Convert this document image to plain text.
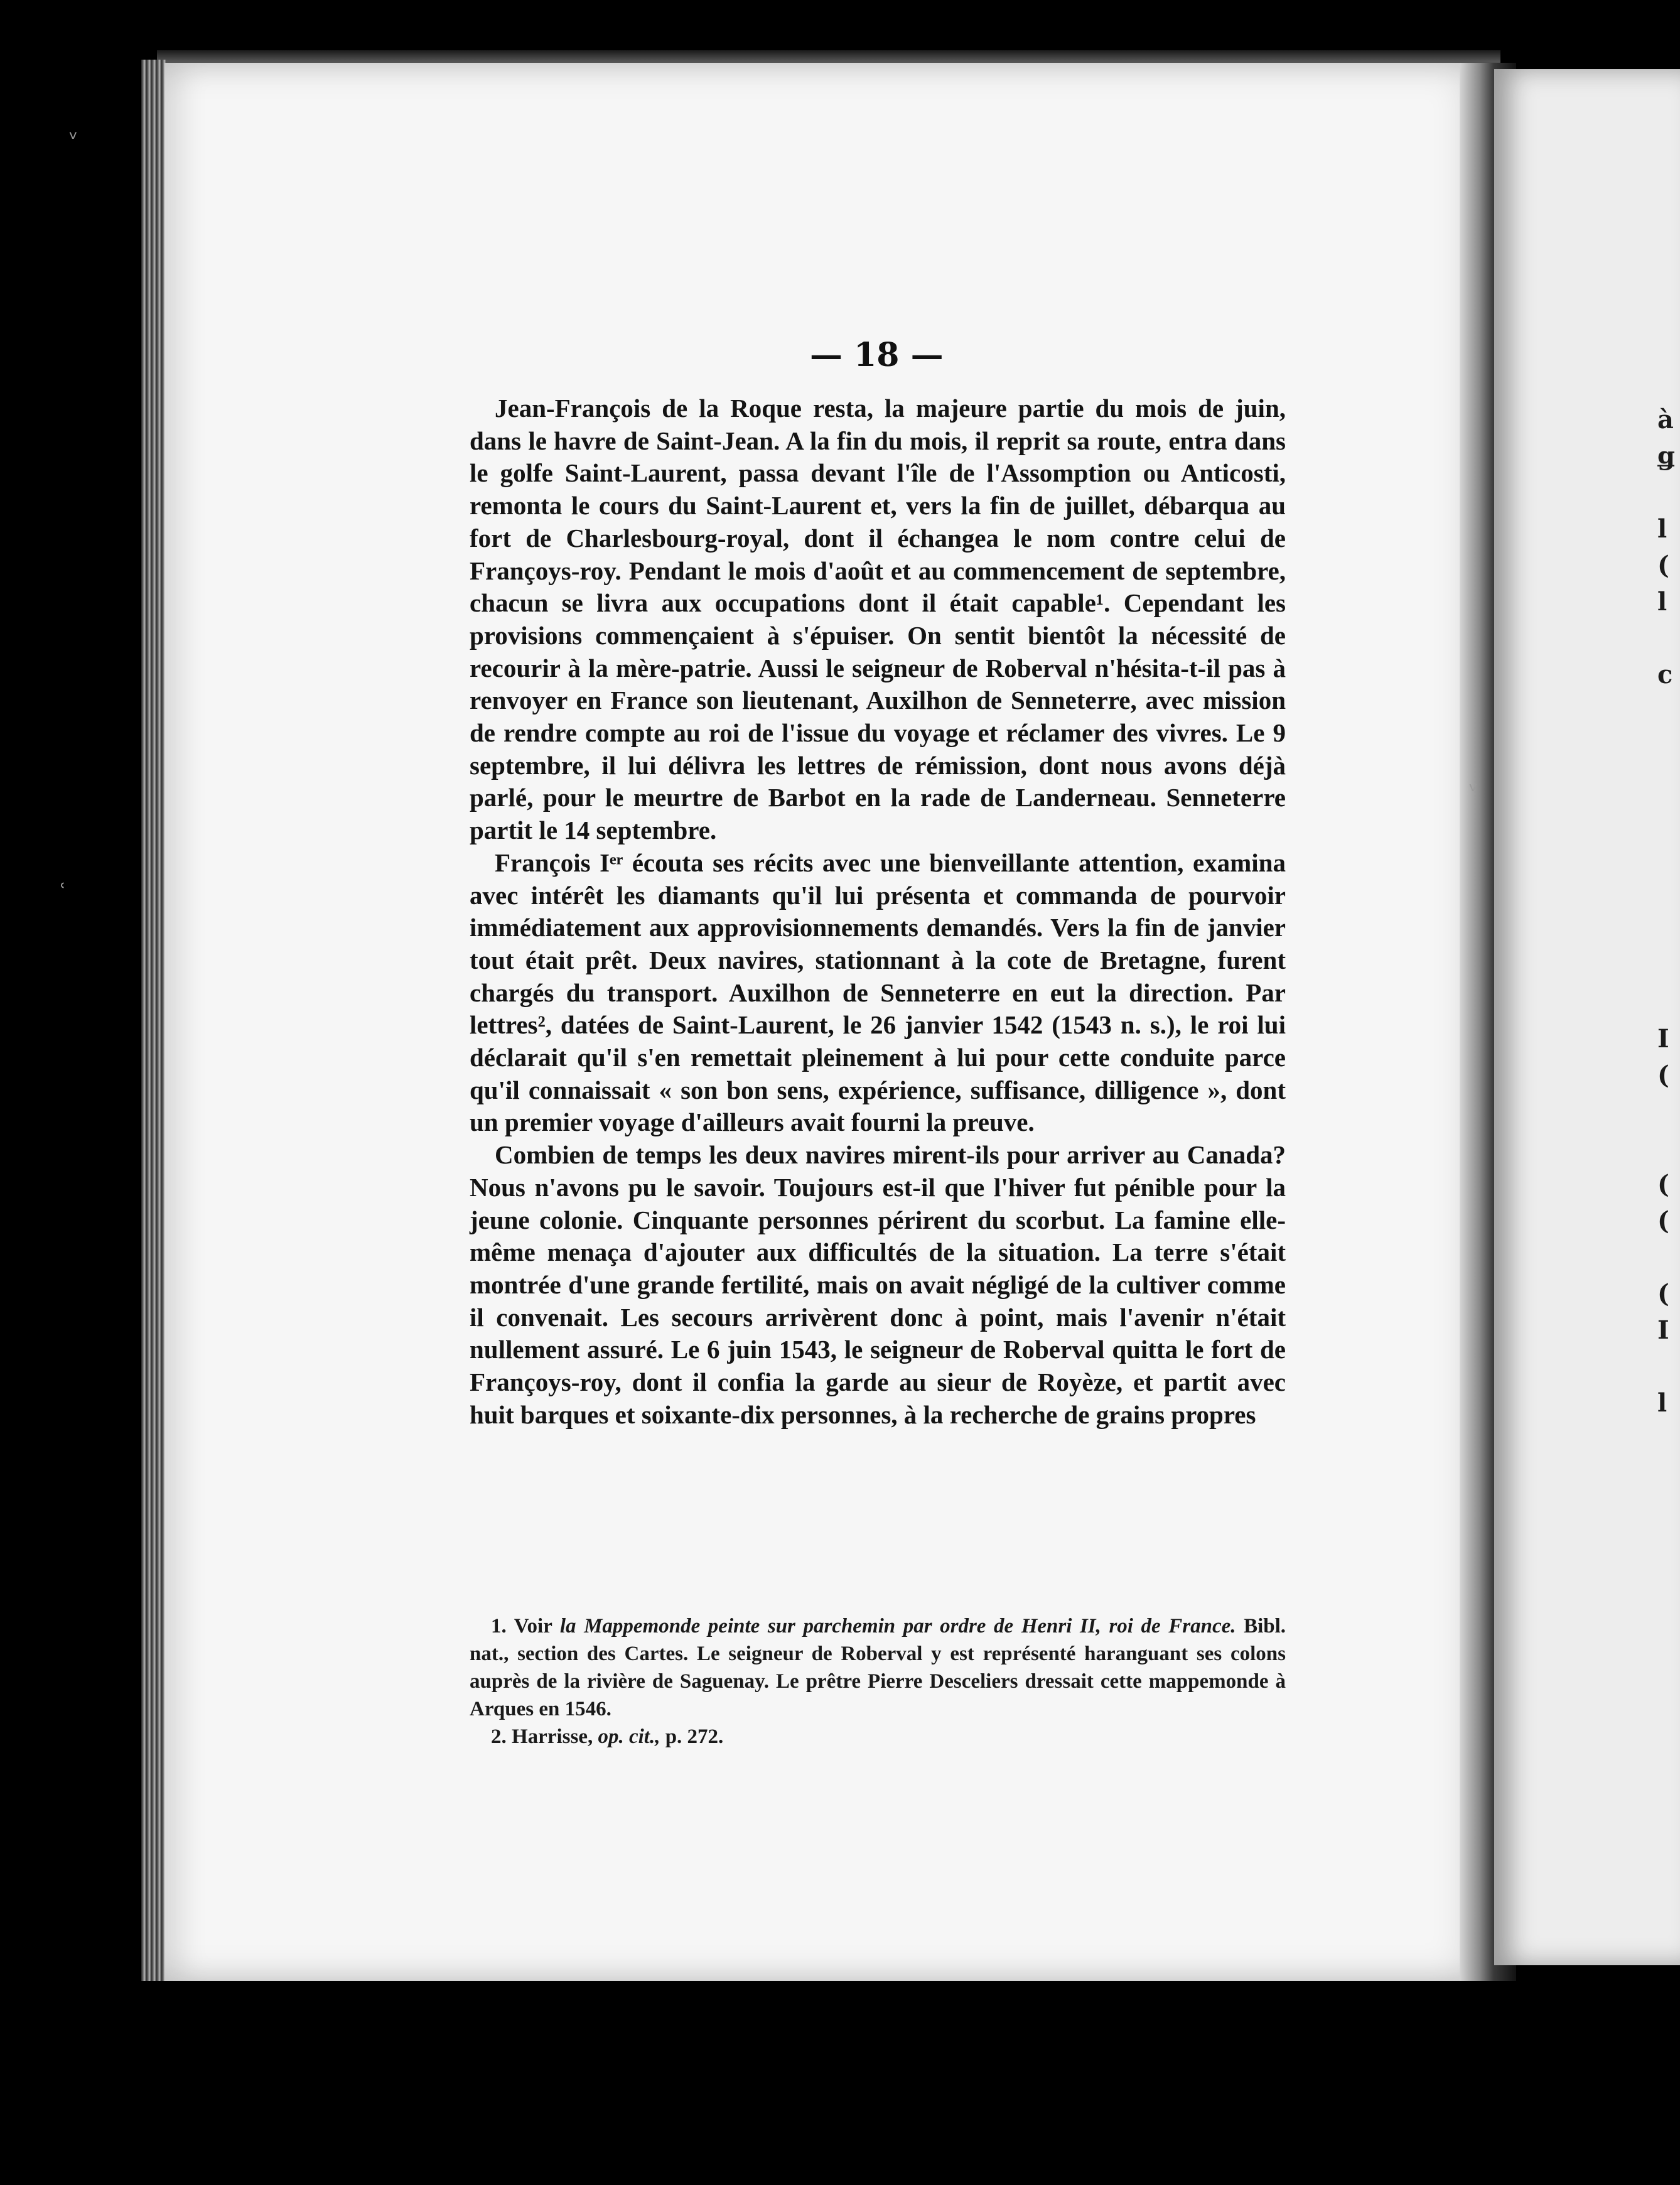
à
ǥ

l
(
l

c

I
(

(
(

(
I

l

— 18 —

Jean-François de la Roque resta, la majeure partie du mois de juin, dans le havre de Saint-Jean. A la fin du mois, il reprit sa route, entra dans le golfe Saint-Laurent, passa devant l'île de l'Assomption ou Anticosti, remonta le cours du Saint-Laurent et, vers la fin de juillet, débarqua au fort de Charlesbourg-royal, dont il échangea le nom contre celui de Françoys-roy. Pendant le mois d'août et au commencement de septembre, chacun se livra aux occupations dont il était capable¹. Cependant les provisions commençaient à s'épuiser. On sentit bientôt la nécessité de recourir à la mère-patrie. Aussi le seigneur de Roberval n'hésita-t-il pas à renvoyer en France son lieutenant, Auxilhon de Senneterre, avec mission de rendre compte au roi de l'issue du voyage et réclamer des vivres. Le 9 septembre, il lui délivra les lettres de rémission, dont nous avons déjà parlé, pour le meurtre de Barbot en la rade de Landerneau. Senneterre partit le 14 septembre.

François Iᵉʳ écouta ses récits avec une bienveillante attention, examina avec intérêt les diamants qu'il lui présenta et commanda de pourvoir immédiatement aux approvisionnements demandés. Vers la fin de janvier tout était prêt. Deux navires, stationnant à la cote de Bretagne, furent chargés du transport. Auxilhon de Senneterre en eut la direction. Par lettres², datées de Saint-Laurent, le 26 janvier 1542 (1543 n. s.), le roi lui déclarait qu'il s'en remettait pleinement à lui pour cette conduite parce qu'il connaissait « son bon sens, expérience, suffisance, dilligence », dont un premier voyage d'ailleurs avait fourni la preuve.

Combien de temps les deux navires mirent-ils pour arriver au Canada? Nous n'avons pu le savoir. Toujours est-il que l'hiver fut pénible pour la jeune colonie. Cinquante personnes périrent du scorbut. La famine elle-même menaça d'ajouter aux difficultés de la situation. La terre s'était montrée d'une grande fertilité, mais on avait négligé de la cultiver comme il convenait. Les secours arrivèrent donc à point, mais l'avenir n'était nullement assuré. Le 6 juin 1543, le seigneur de Roberval quitta le fort de Françoys-roy, dont il confia la garde au sieur de Royèze, et partit avec huit barques et soixante-dix personnes, à la recherche de grains propres

1. Voir la Mappemonde peinte sur parchemin par ordre de Henri II, roi de France. Bibl. nat., section des Cartes. Le seigneur de Roberval y est représenté haranguant ses colons auprès de la rivière de Saguenay. Le prêtre Pierre Descеliers dressait cette mappemonde à Arques en 1546.

2. Harrisse, op. cit., p. 272.

ᵥ
ʿ
ᵛ
